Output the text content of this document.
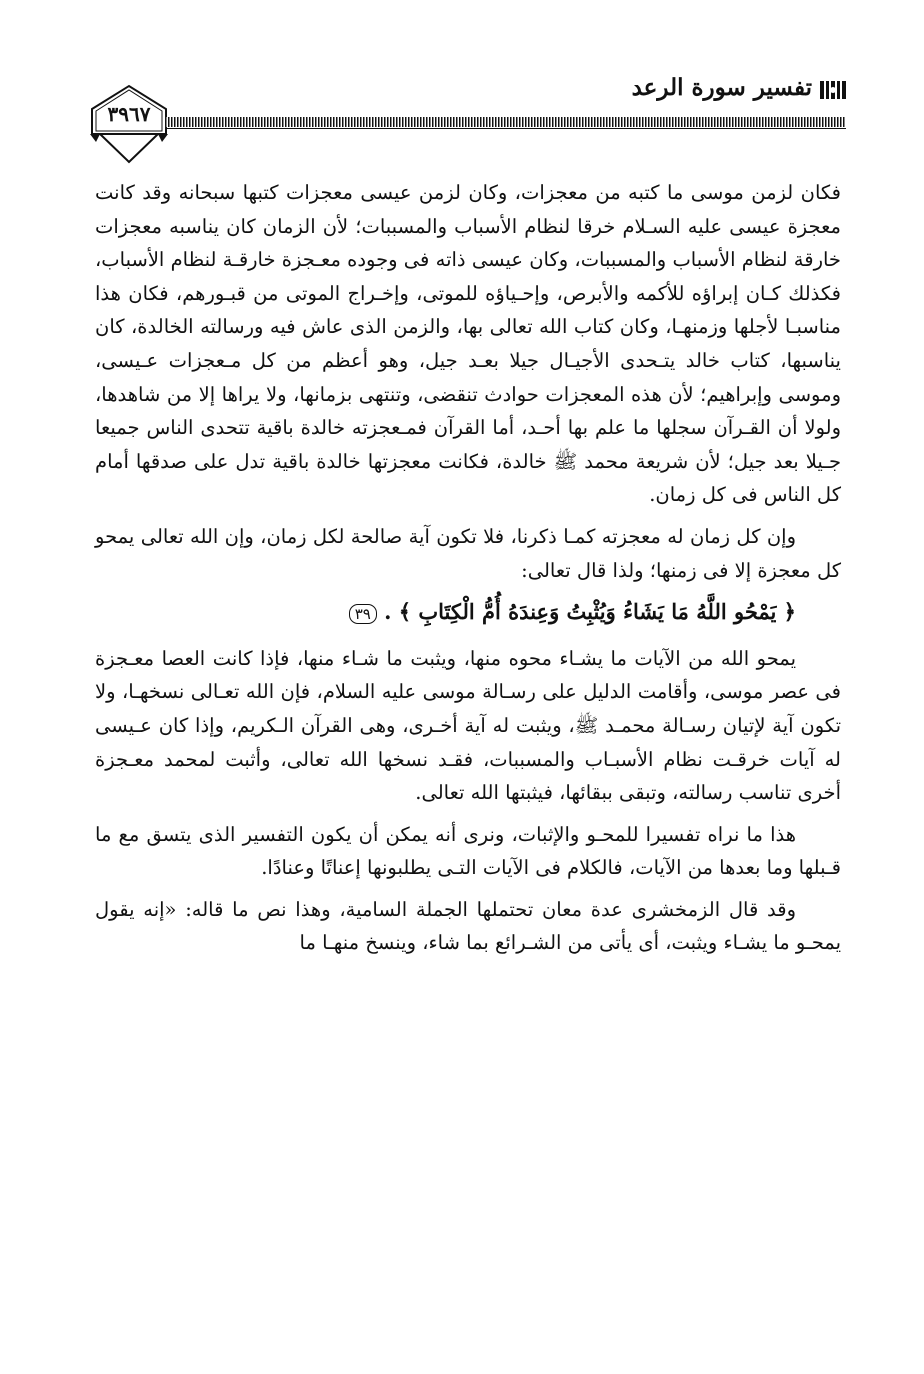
٣٩٦٧
تفسير سورة الرعد

فكان لزمن موسى ما كتبه من معجزات، وكان لزمن عيسى معجزات كتبها سبحانه وقد كانت معجزة عيسى عليه السـلام خرقا لنظام الأسباب والمسببات؛ لأن الزمان كان يناسبه معجزات خارقة لنظام الأسباب والمسببات، وكان عيسى ذاته فى وجوده معـجزة خارقـة لنظام الأسباب، فكذلك كـان إبراؤه للأكمه والأبرص، وإحـياؤه للموتى، وإخـراج الموتى من قبـورهم، فكان هذا مناسبـا لأجلها وزمنهـا، وكان كتاب الله تعالى بها، والزمن الذى عاش فيه ورسالته الخالدة، كان يناسبها، كتاب خالد يتـحدى الأجيـال جيلا بعـد جيل، وهو أعظم من كل مـعجزات عـيسى، وموسى وإبراهيم؛ لأن هذه المعجزات حوادث تنقضى، وتنتهى بزمانها، ولا يراها إلا من شاهدها، ولولا أن القـرآن سجلها ما علم بها أحـد، أما القرآن فمـعجزته خالدة باقية تتحدى الناس جميعا جـيلا بعد جيل؛ لأن شريعة محمد ﷺ خالدة، فكانت معجزتها خالدة باقية تدل على صدقها أمام كل الناس فى كل زمان.

وإن كل زمان له معجزته كمـا ذكرنا، فلا تكون آية صالحة لكل زمان، وإن الله تعالى يمحو كل معجزة إلا فى زمنها؛ ولذا قال تعالى:

﴿ يَمْحُو اللَّهُ مَا يَشَاءُ وَيُثْبِتُ وَعِندَهُ أُمُّ الْكِتَابِ ﴾ . ٣٩

يمحو الله من الآيات ما يشـاء محوه منها، ويثبت ما شـاء منها، فإذا كانت العصا معـجزة فى عصر موسى، وأقامت الدليل على رسـالة موسى عليه السلام، فإن الله تعـالى نسخهـا، ولا تكون آية لإتيان رسـالة محمـد ﷺ، ويثبت له آية أخـرى، وهى القرآن الـكريم، وإذا كان عـيسى له آيات خرقـت نظام الأسبـاب والمسببات، فقـد نسخها الله تعالى، وأثبت لمحمد معـجزة أخرى تناسب رسالته، وتبقى ببقائها، فيثبتها الله تعالى.

هذا ما نراه تفسيرا للمحـو والإثبات، ونرى أنه يمكن أن يكون التفسير الذى يتسق مع ما قـبلها وما بعدها من الآيات، فالكلام فى الآيات التـى يطلبونها إعناتًا وعنادًا.

وقد قال الزمخشرى عدة معان تحتملها الجملة السامية، وهذا نص ما قاله: «إنه يقول يمحـو ما يشـاء ويثبت، أى يأتى من الشـرائع بما شاء، وينسخ منهـا ما
